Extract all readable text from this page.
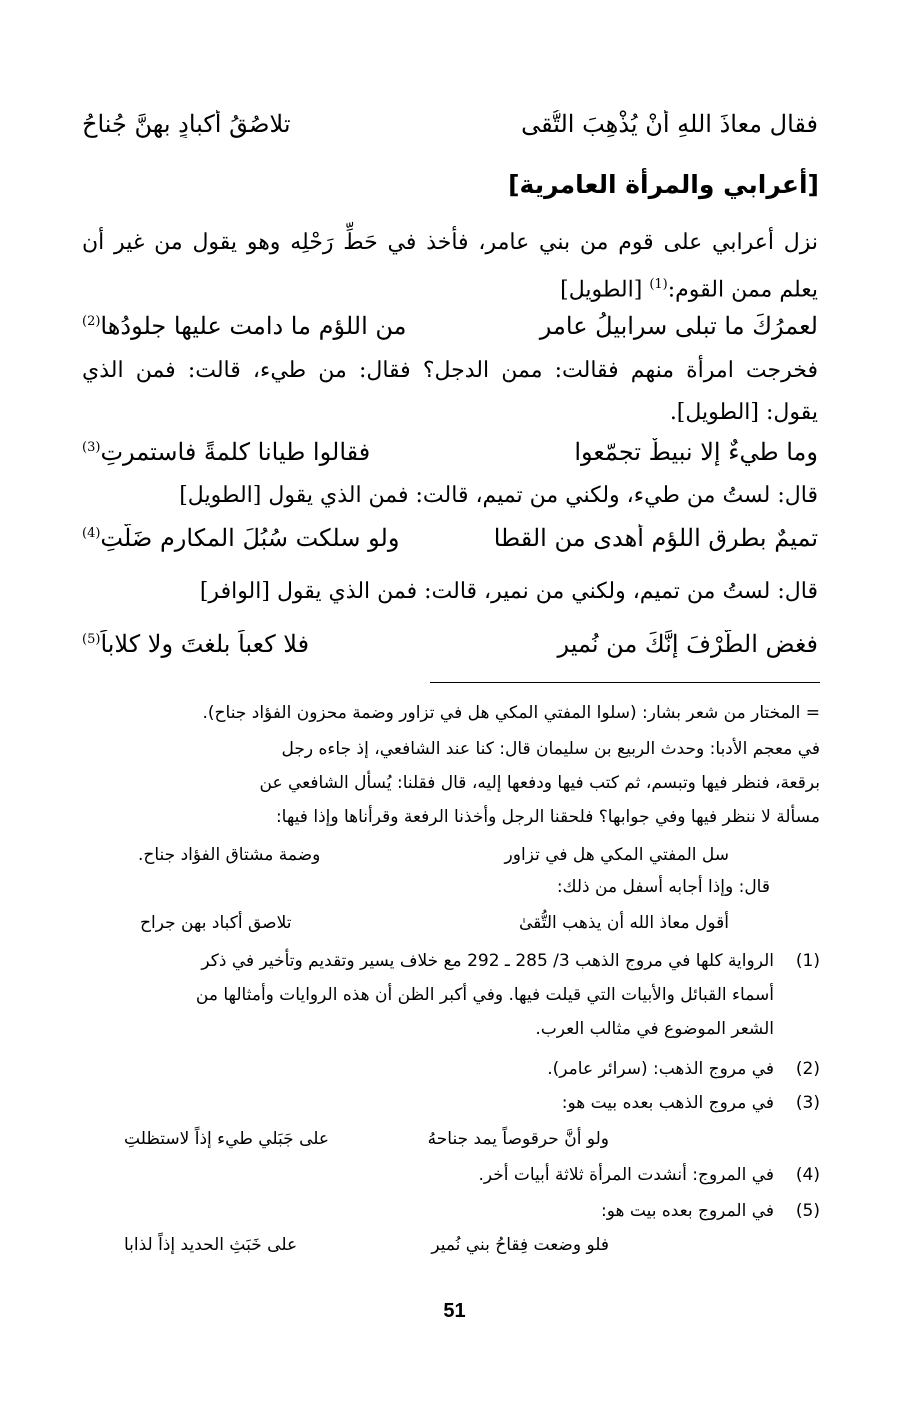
فقال معاذَ اللهِ أنْ يُذْهِبَ التُّقى
تلاصُقُ أكبادٍ بهنَّ جُناحُ
[أعرابي والمرأة العامرية]
نزل أعرابي على قوم من بني عامر، فأخذ في حَطِّ رَحْلِه وهو يقول من غير أن يعلم ممن القوم:$^{(1)}$ [الطويل]
لعمرُكَ ما تبلى سرابيلُ عامرٍ
من اللؤمِ ما دامت عليها جلودُها$^{(2)}$
فخرجت امرأة منهم فقالت: ممن الدجل؟ فقال: من طيء، قالت: فمن الذي يقول: [الطويل].
وما طيءٌ إلا نبيطٌ تجمّعوا
فقالوا طيانا كلمةً فاستمرتِ$^{(3)}$
قال: لستُ من طيء، ولكني من تميم، قالت: فمن الذي يقول [الطويل]
تميمٌ بطرقِ اللؤمِ أهدى من القطا
ولو سلكت سُبُلَ المكارمِ ضَلَّتِ$^{(4)}$
قال: لستُ من تميم، ولكني من نمير، قالت: فمن الذي يقول [الوافر]
فغضِ الطَّرْفَ إنَّكَ من نُميرٍ
فلا كعباً بلغتَ ولا كلاباً$^{(5)}$
= المختار من شعر بشار: (سلوا المفتي المكي هل في تزاور وضمة محزون الفؤاد جناح).
في معجم الأدبا: وحدث الربيع بن سليمان قال: كنا عند الشافعي، إذ جاءه رجل
برقعة، فنظر فيها وتبسم، ثم كتب فيها ودفعها إليه، قال فقلنا: يُسأل الشافعي عن
مسألة لا ننظر فيها وفي جوابها؟ فلحقنا الرجل وأخذنا الرفعة وقرأناها وإذا فيها:
سل المفتي المكي هل في تزاور
وضمة مشتاق الفؤاد جناح.
قال: وإذا أجابه أسفل من ذلك:
أقول معاذ الله أن يذهب التُّقىٰ
تلاصق أكباد بهن جراح
(1)
الرواية كلها في مروج الذهب 3/ 285 ـ 292 مع خلاف يسير وتقديم وتأخير في ذكر
أسماء القبائل والأبيات التي قيلت فيها. وفي أكبر الظن أن هذه الروايات وأمثالها من
الشعر الموضوع في مثالب العرب.
(2)
في مروج الذهب: (سرائر عامر).
(3)
في مروج الذهب بعده بيت هو:
ولو أنَّ حرقوصاً يمد جناحهُ
على جَبَلي طيء إذاً لاستظلتِ
(4)
في المروج: أنشدت المرأة ثلاثة أبيات أخر.
(5)
في المروج بعده بيت هو:
فلو وضعت فِقاحُ بني نُمير
على خَبَثِ الحديد إذاً لذابا
51
